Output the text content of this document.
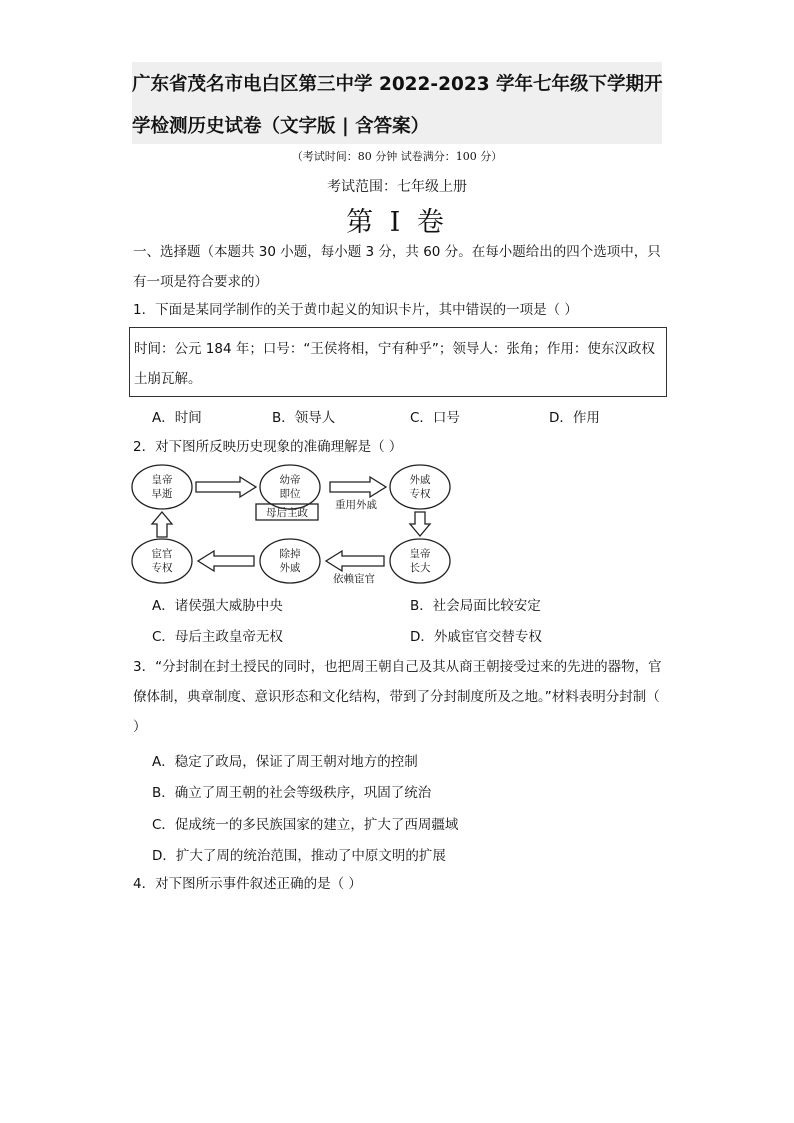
广东省茂名市电白区第三中学 2022-2023 学年七年级下学期开学检测历史试卷（文字版 | 含答案）
（考试时间：80 分钟 试卷满分：100 分）
考试范围：七年级上册
第 I 卷
一、选择题（本题共 30 小题，每小题 3 分，共 60 分。在每小题给出的四个选项中，只有一项是符合要求的）
1．下面是某同学制作的关于黄巾起义的知识卡片，其中错误的一项是（ ）
时间：公元 184 年；口号：“王侯将相，宁有种乎”；领导人：张角；作用：使东汉政权土崩瓦解。
A．时间	B．领导人	C．口号	D．作用
2．对下图所反映历史现象的准确理解是（ ）
皇帝
早逝
幼帝
即位
母后主政
外戚
专权
皇帝
长大
除掉
外戚
宦官
专权
重用外戚
依赖宦官
A．诸侯强大威胁中央	B．社会局面比较安定
C．母后主政皇帝无权	D．外戚宦官交替专权
3．“分封制在封土授民的同时，也把周王朝自己及其从商王朝接受过来的先进的器物，官僚体制，典章制度、意识形态和文化结构，带到了分封制度所及之地。”材料表明分封制（ ）
A．稳定了政局，保证了周王朝对地方的控制
B．确立了周王朝的社会等级秩序，巩固了统治
C．促成统一的多民族国家的建立，扩大了西周疆域
D．扩大了周的统治范围，推动了中原文明的扩展
4．对下图所示事件叙述正确的是（ ）
